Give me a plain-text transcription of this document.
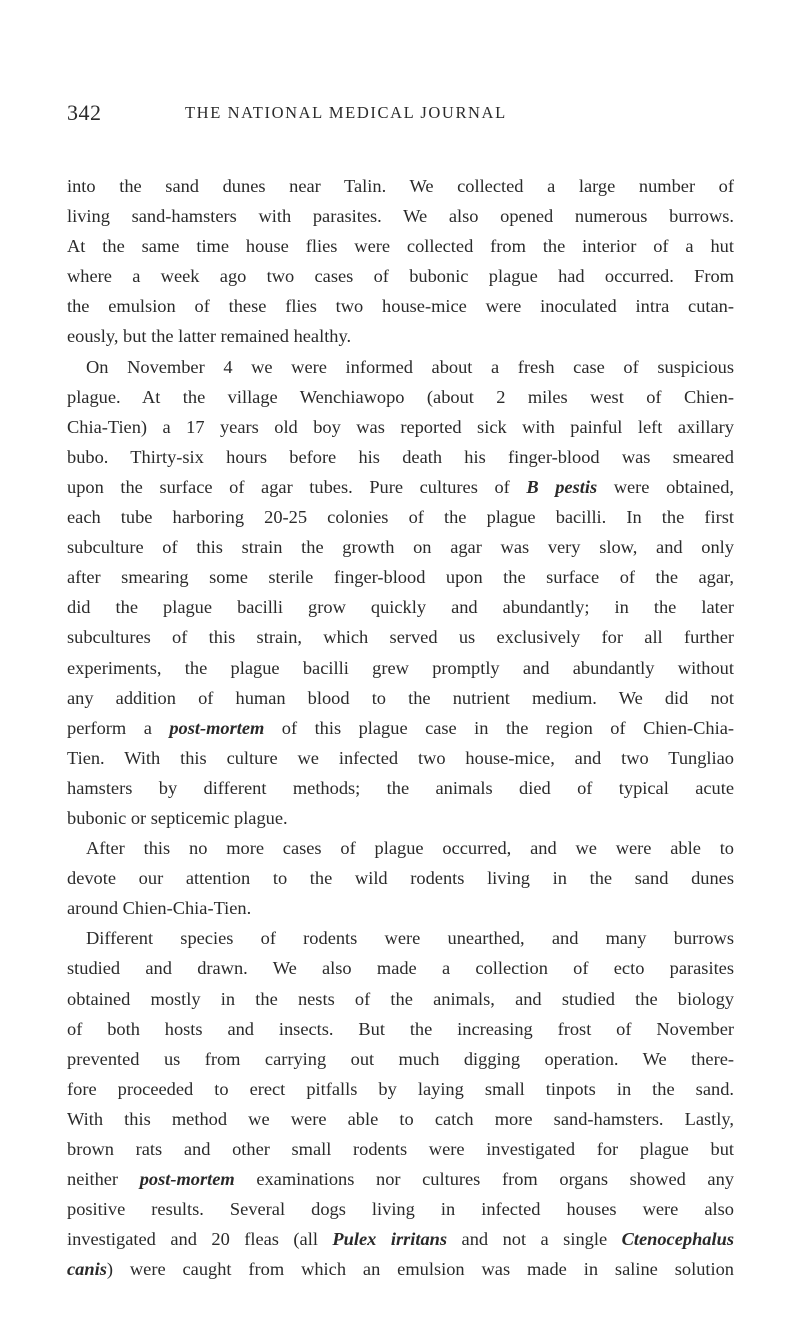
342	THE NATIONAL MEDICAL JOURNAL

into the sand dunes near Talin. We collected a large number of
living sand-hamsters with parasites. We also opened numerous burrows.
At the same time house flies were collected from the interior of a hut
where a week ago two cases of bubonic plague had occurred. From
the emulsion of these flies two house-mice were inoculated intra cutan-
eously, but the latter remained healthy.

On November 4 we were informed about a fresh case of suspicious
plague. At the village Wenchiawopo (about 2 miles west of Chien-
Chia-Tien) a 17 years old boy was reported sick with painful left axillary
bubo. Thirty-six hours before his death his finger-blood was smeared
upon the surface of agar tubes. Pure cultures of B pestis were obtained,
each tube harboring 20-25 colonies of the plague bacilli. In the first
subculture of this strain the growth on agar was very slow, and only
after smearing some sterile finger-blood upon the surface of the agar,
did the plague bacilli grow quickly and abundantly; in the later
subcultures of this strain, which served us exclusively for all further
experiments, the plague bacilli grew promptly and abundantly without
any addition of human blood to the nutrient medium. We did not
perform a post-mortem of this plague case in the region of Chien-Chia-
Tien. With this culture we infected two house-mice, and two Tungliao
hamsters by different methods; the animals died of typical acute
bubonic or septicemic plague.

After this no more cases of plague occurred, and we were able to
devote our attention to the wild rodents living in the sand dunes
around Chien-Chia-Tien.

Different species of rodents were unearthed, and many burrows
studied and drawn. We also made a collection of ecto parasites
obtained mostly in the nests of the animals, and studied the biology
of both hosts and insects. But the increasing frost of November
prevented us from carrying out much digging operation. We there-
fore proceeded to erect pitfalls by laying small tinpots in the sand.
With this method we were able to catch more sand-hamsters. Lastly,
brown rats and other small rodents were investigated for plague but
neither post-mortem examinations nor cultures from organs showed any
positive results. Several dogs living in infected houses were also
investigated and 20 fleas (all Pulex irritans and not a single Ctenocephalus
canis) were caught from which an emulsion was made in saline solution
